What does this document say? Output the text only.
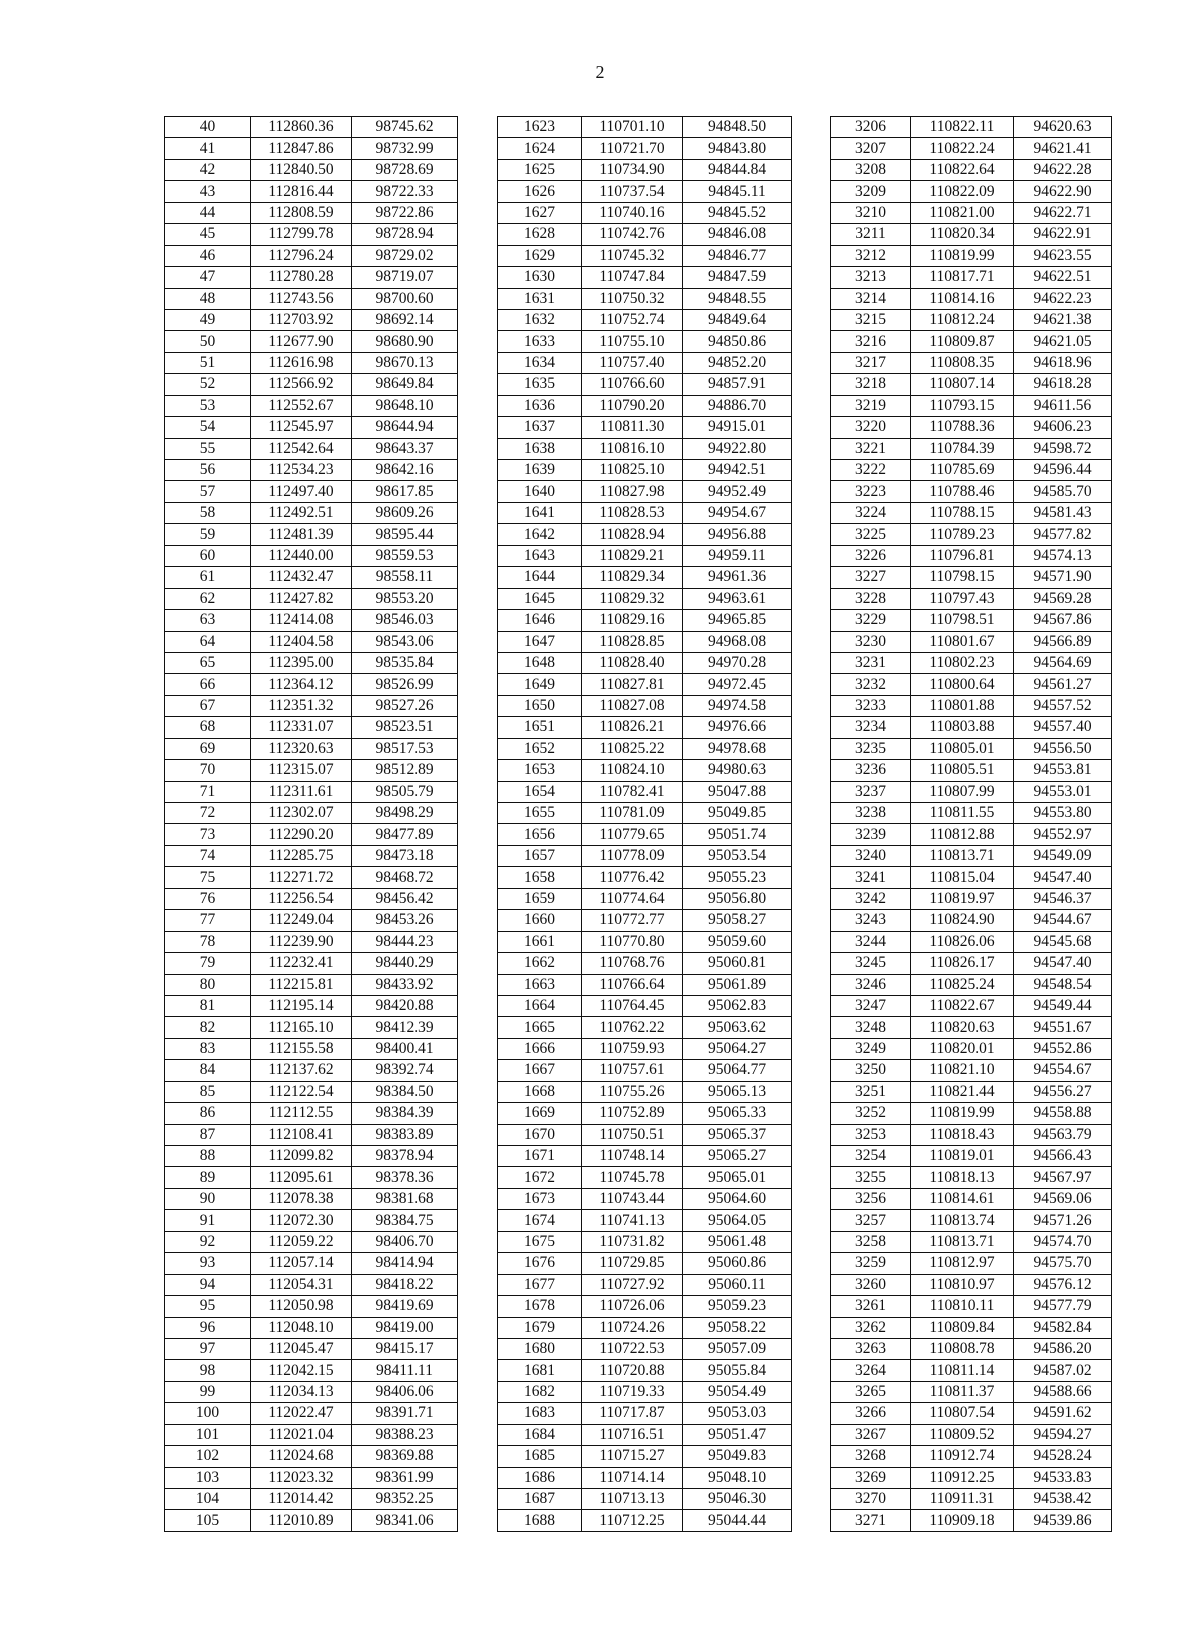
2
40	112860.36	98745.62
41	112847.86	98732.99
42	112840.50	98728.69
43	112816.44	98722.33
44	112808.59	98722.86
45	112799.78	98728.94
46	112796.24	98729.02
47	112780.28	98719.07
48	112743.56	98700.60
49	112703.92	98692.14
50	112677.90	98680.90
51	112616.98	98670.13
52	112566.92	98649.84
53	112552.67	98648.10
54	112545.97	98644.94
55	112542.64	98643.37
56	112534.23	98642.16
57	112497.40	98617.85
58	112492.51	98609.26
59	112481.39	98595.44
60	112440.00	98559.53
61	112432.47	98558.11
62	112427.82	98553.20
63	112414.08	98546.03
64	112404.58	98543.06
65	112395.00	98535.84
66	112364.12	98526.99
67	112351.32	98527.26
68	112331.07	98523.51
69	112320.63	98517.53
70	112315.07	98512.89
71	112311.61	98505.79
72	112302.07	98498.29
73	112290.20	98477.89
74	112285.75	98473.18
75	112271.72	98468.72
76	112256.54	98456.42
77	112249.04	98453.26
78	112239.90	98444.23
79	112232.41	98440.29
80	112215.81	98433.92
81	112195.14	98420.88
82	112165.10	98412.39
83	112155.58	98400.41
84	112137.62	98392.74
85	112122.54	98384.50
86	112112.55	98384.39
87	112108.41	98383.89
88	112099.82	98378.94
89	112095.61	98378.36
90	112078.38	98381.68
91	112072.30	98384.75
92	112059.22	98406.70
93	112057.14	98414.94
94	112054.31	98418.22
95	112050.98	98419.69
96	112048.10	98419.00
97	112045.47	98415.17
98	112042.15	98411.11
99	112034.13	98406.06
100	112022.47	98391.71
101	112021.04	98388.23
102	112024.68	98369.88
103	112023.32	98361.99
104	112014.42	98352.25
105	112010.89	98341.06
1623	110701.10	94848.50
1624	110721.70	94843.80
1625	110734.90	94844.84
1626	110737.54	94845.11
1627	110740.16	94845.52
1628	110742.76	94846.08
1629	110745.32	94846.77
1630	110747.84	94847.59
1631	110750.32	94848.55
1632	110752.74	94849.64
1633	110755.10	94850.86
1634	110757.40	94852.20
1635	110766.60	94857.91
1636	110790.20	94886.70
1637	110811.30	94915.01
1638	110816.10	94922.80
1639	110825.10	94942.51
1640	110827.98	94952.49
1641	110828.53	94954.67
1642	110828.94	94956.88
1643	110829.21	94959.11
1644	110829.34	94961.36
1645	110829.32	94963.61
1646	110829.16	94965.85
1647	110828.85	94968.08
1648	110828.40	94970.28
1649	110827.81	94972.45
1650	110827.08	94974.58
1651	110826.21	94976.66
1652	110825.22	94978.68
1653	110824.10	94980.63
1654	110782.41	95047.88
1655	110781.09	95049.85
1656	110779.65	95051.74
1657	110778.09	95053.54
1658	110776.42	95055.23
1659	110774.64	95056.80
1660	110772.77	95058.27
1661	110770.80	95059.60
1662	110768.76	95060.81
1663	110766.64	95061.89
1664	110764.45	95062.83
1665	110762.22	95063.62
1666	110759.93	95064.27
1667	110757.61	95064.77
1668	110755.26	95065.13
1669	110752.89	95065.33
1670	110750.51	95065.37
1671	110748.14	95065.27
1672	110745.78	95065.01
1673	110743.44	95064.60
1674	110741.13	95064.05
1675	110731.82	95061.48
1676	110729.85	95060.86
1677	110727.92	95060.11
1678	110726.06	95059.23
1679	110724.26	95058.22
1680	110722.53	95057.09
1681	110720.88	95055.84
1682	110719.33	95054.49
1683	110717.87	95053.03
1684	110716.51	95051.47
1685	110715.27	95049.83
1686	110714.14	95048.10
1687	110713.13	95046.30
1688	110712.25	95044.44
3206	110822.11	94620.63
3207	110822.24	94621.41
3208	110822.64	94622.28
3209	110822.09	94622.90
3210	110821.00	94622.71
3211	110820.34	94622.91
3212	110819.99	94623.55
3213	110817.71	94622.51
3214	110814.16	94622.23
3215	110812.24	94621.38
3216	110809.87	94621.05
3217	110808.35	94618.96
3218	110807.14	94618.28
3219	110793.15	94611.56
3220	110788.36	94606.23
3221	110784.39	94598.72
3222	110785.69	94596.44
3223	110788.46	94585.70
3224	110788.15	94581.43
3225	110789.23	94577.82
3226	110796.81	94574.13
3227	110798.15	94571.90
3228	110797.43	94569.28
3229	110798.51	94567.86
3230	110801.67	94566.89
3231	110802.23	94564.69
3232	110800.64	94561.27
3233	110801.88	94557.52
3234	110803.88	94557.40
3235	110805.01	94556.50
3236	110805.51	94553.81
3237	110807.99	94553.01
3238	110811.55	94553.80
3239	110812.88	94552.97
3240	110813.71	94549.09
3241	110815.04	94547.40
3242	110819.97	94546.37
3243	110824.90	94544.67
3244	110826.06	94545.68
3245	110826.17	94547.40
3246	110825.24	94548.54
3247	110822.67	94549.44
3248	110820.63	94551.67
3249	110820.01	94552.86
3250	110821.10	94554.67
3251	110821.44	94556.27
3252	110819.99	94558.88
3253	110818.43	94563.79
3254	110819.01	94566.43
3255	110818.13	94567.97
3256	110814.61	94569.06
3257	110813.74	94571.26
3258	110813.71	94574.70
3259	110812.97	94575.70
3260	110810.97	94576.12
3261	110810.11	94577.79
3262	110809.84	94582.84
3263	110808.78	94586.20
3264	110811.14	94587.02
3265	110811.37	94588.66
3266	110807.54	94591.62
3267	110809.52	94594.27
3268	110912.74	94528.24
3269	110912.25	94533.83
3270	110911.31	94538.42
3271	110909.18	94539.86
